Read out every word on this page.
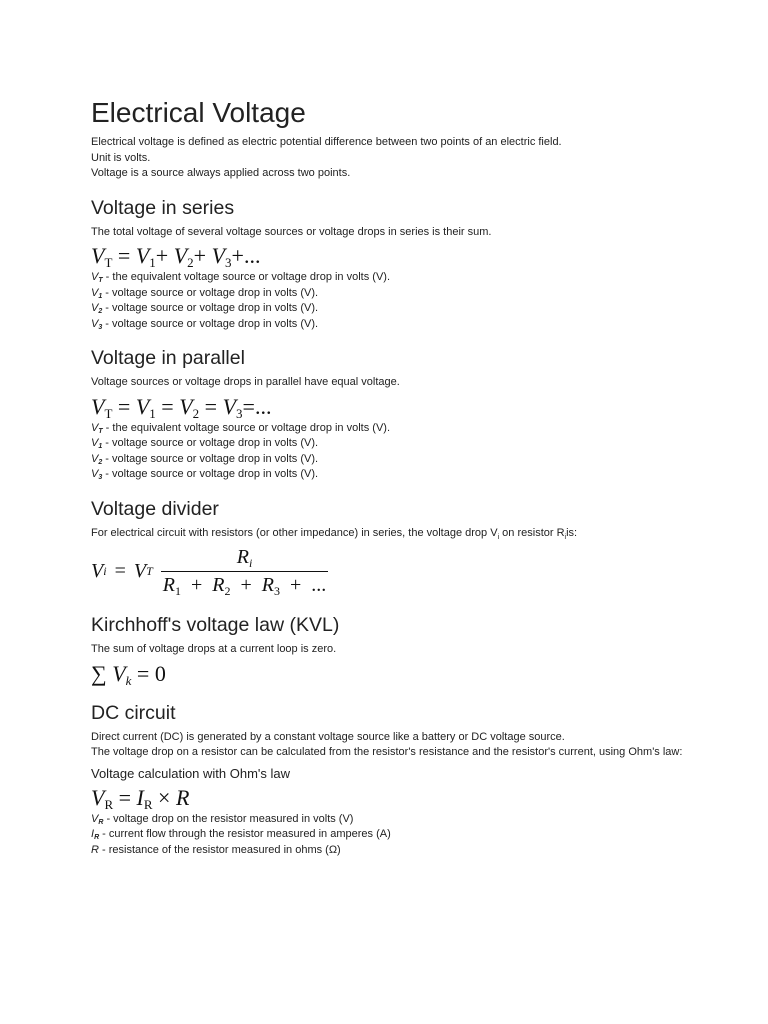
Electrical Voltage

Electrical voltage is defined as electric potential difference between two points of an electric field.

Unit is volts.

Voltage is a source always applied across two points.

Voltage in series

The total voltage of several voltage sources or voltage drops in series is their sum.

$V_T = V_1+ V_2+ V_3+$...
$V_T$ - the equivalent voltage source or voltage drop in volts (V).
$V_1$ - voltage source or voltage drop in volts (V).
$V_2$ - voltage source or voltage drop in volts (V).
$V_3$ - voltage source or voltage drop in volts (V).
Voltage in parallel

Voltage sources or voltage drops in parallel have equal voltage.

$V_T = V_1 = V_2 = V_3=$...
$V_T$ - the equivalent voltage source or voltage drop in volts (V).
$V_1$ - voltage source or voltage drop in volts (V).
$V_2$ - voltage source or voltage drop in volts (V).
$V_3$ - voltage source or voltage drop in volts (V).
Voltage divider

For electrical circuit with resistors (or other impedance) in series, the voltage drop $V_i$ on resistor $R_iis$:

V i = V T
$R_i$
$R_1 + R_2 + R_3$ + ...
Kirchhoff's voltage law (KVL)

The sum of voltage drops at a current loop is zero.

∑ $V_k = 0$
DC circuit

Direct current (DC) is generated by a constant voltage source like a battery or DC voltage source.

The voltage drop on a resistor can be calculated from the resistor's resistance and the resistor's current, using Ohm's law:

Voltage calculation with Ohm's law
$V_R = I_R \times R$
$V_R$ - voltage drop on the resistor measured in volts (V)
$I_R$ - current flow through the resistor measured in amperes (A)
R - resistance of the resistor measured in ohms (Ω)
